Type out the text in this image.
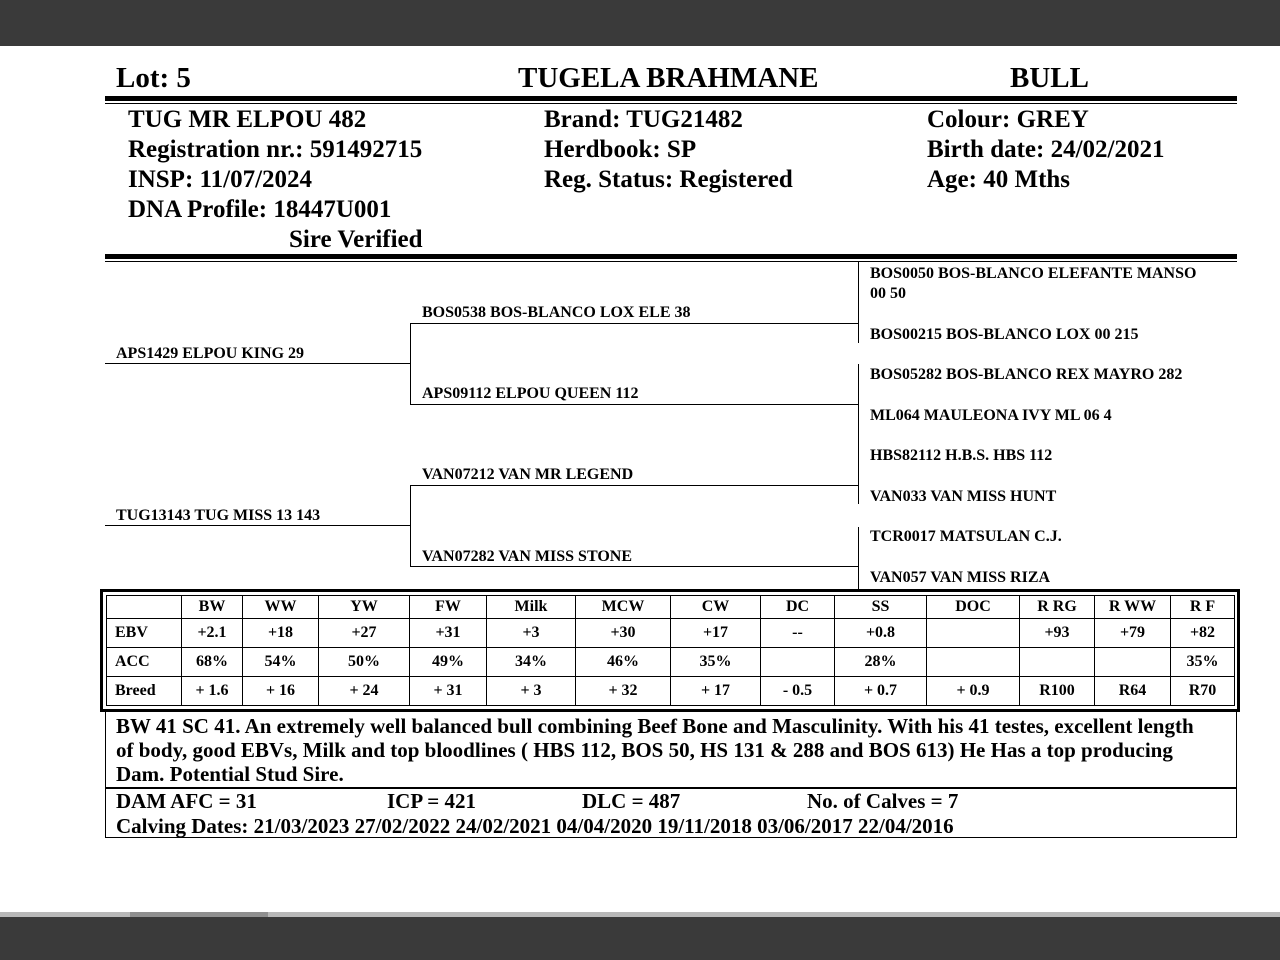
Lot: 5	TUGELA BRAHMANE	BULL
TUG MR ELPOU 482
Registration nr.: 591492715
INSP: 11/07/2024
DNA Profile: 18447U001
Sire Verified
Brand: TUG21482
Herdbook: SP
Reg. Status: Registered
Colour: GREY
Birth date: 24/02/2021
Age: 40 Mths
APS1429 ELPOU KING 29
TUG13143 TUG MISS 13 143
BOS0538 BOS-BLANCO LOX ELE 38
APS09112 ELPOU QUEEN 112
VAN07212 VAN MR LEGEND
VAN07282 VAN MISS STONE
BOS0050 BOS-BLANCO ELEFANTE MANSO
00 50
BOS00215 BOS-BLANCO LOX 00 215
BOS05282 BOS-BLANCO REX MAYRO 282
ML064 MAULEONA IVY ML 06 4
HBS82112 H.B.S. HBS 112
VAN033 VAN MISS HUNT
TCR0017 MATSULAN C.J.
VAN057 VAN MISS RIZA
	BW	WW	YW	FW	Milk	MCW	CW	DC	SS	DOC	R RG	R WW	R F
EBV	+2.1	+18	+27	+31	+3	+30	+17	--	+0.8		+93	+79	+82
ACC	68%	54%	50%	49%	34%	46%	35%		28%				35%
Breed	+ 1.6	+ 16	+ 24	+ 31	+ 3	+ 32	+ 17	- 0.5	+ 0.7	+ 0.9	R100	R64	R70
BW 41 SC 41. An extremely well balanced bull combining Beef Bone and Masculinity. With his 41 testes, excellent length of body, good EBVs, Milk and top bloodlines ( HBS 112, BOS 50, HS 131 & 288 and BOS 613) He Has a top producing Dam. Potential Stud Sire.
DAM AFC = 31	ICP = 421	DLC = 487	No. of Calves = 7
Calving Dates: 21/03/2023 27/02/2022 24/02/2021 04/04/2020 19/11/2018 03/06/2017 22/04/2016
